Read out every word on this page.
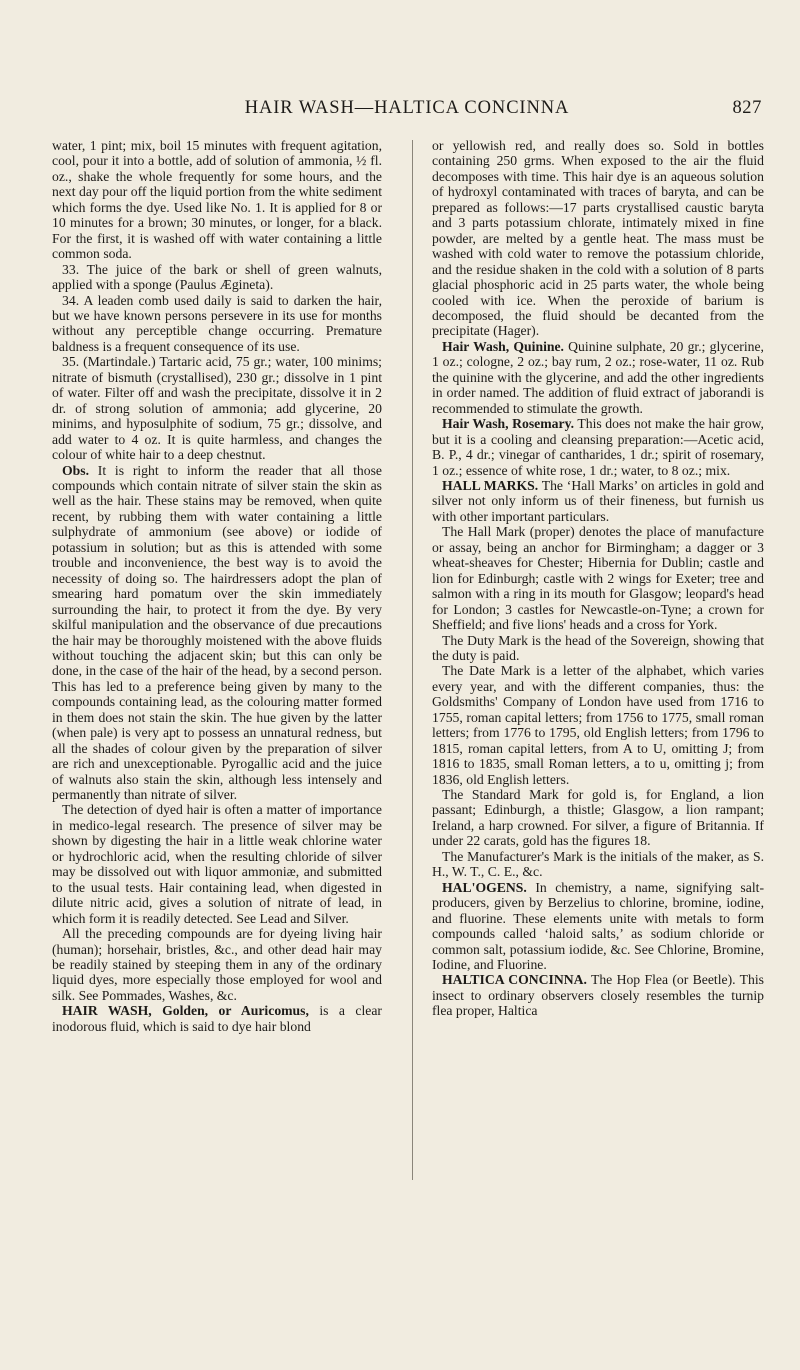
HAIR WASH—HALTICA CONCINNA	827

water, 1 pint; mix, boil 15 minutes with frequent agitation, cool, pour it into a bottle, add of solution of ammonia, ½ fl. oz., shake the whole frequently for some hours, and the next day pour off the liquid portion from the white sediment which forms the dye. Used like No. 1. It is applied for 8 or 10 minutes for a brown; 30 minutes, or longer, for a black. For the first, it is washed off with water containing a little common soda.

33. The juice of the bark or shell of green walnuts, applied with a sponge (Paulus Ægineta).

34. A leaden comb used daily is said to darken the hair, but we have known persons persevere in its use for months without any perceptible change occurring. Premature baldness is a frequent consequence of its use.

35. (Martindale.) Tartaric acid, 75 gr.; water, 100 minims; nitrate of bismuth (crystallised), 230 gr.; dissolve in 1 pint of water. Filter off and wash the precipitate, dissolve it in 2 dr. of strong solution of ammonia; add glycerine, 20 minims, and hyposulphite of sodium, 75 gr.; dissolve, and add water to 4 oz. It is quite harmless, and changes the colour of white hair to a deep chestnut.

Obs. It is right to inform the reader that all those compounds which contain nitrate of silver stain the skin as well as the hair. These stains may be removed, when quite recent, by rubbing them with water containing a little sulphydrate of ammonium (see above) or iodide of potassium in solution; but as this is attended with some trouble and inconvenience, the best way is to avoid the necessity of doing so. The hairdressers adopt the plan of smearing hard pomatum over the skin immediately surrounding the hair, to protect it from the dye. By very skilful manipulation and the observance of due precautions the hair may be thoroughly moistened with the above fluids without touching the adjacent skin; but this can only be done, in the case of the hair of the head, by a second person. This has led to a preference being given by many to the compounds containing lead, as the colouring matter formed in them does not stain the skin. The hue given by the latter (when pale) is very apt to possess an unnatural redness, but all the shades of colour given by the preparation of silver are rich and unexceptionable. Pyrogallic acid and the juice of walnuts also stain the skin, although less intensely and permanently than nitrate of silver.

The detection of dyed hair is often a matter of importance in medico-legal research. The presence of silver may be shown by digesting the hair in a little weak chlorine water or hydrochloric acid, when the resulting chloride of silver may be dissolved out with liquor ammoniæ, and submitted to the usual tests. Hair containing lead, when digested in dilute nitric acid, gives a solution of nitrate of lead, in which form it is readily detected. See Lead and Silver.

All the preceding compounds are for dyeing living hair (human); horsehair, bristles, &c., and other dead hair may be readily stained by steeping them in any of the ordinary liquid dyes, more especially those employed for wool and silk. See Pommades, Washes, &c.

HAIR WASH, Golden, or Auricomus, is a clear inodorous fluid, which is said to dye hair blond

or yellowish red, and really does so. Sold in bottles containing 250 grms. When exposed to the air the fluid decomposes with time. This hair dye is an aqueous solution of hydroxyl contaminated with traces of baryta, and can be prepared as follows:—17 parts crystallised caustic baryta and 3 parts potassium chlorate, intimately mixed in fine powder, are melted by a gentle heat. The mass must be washed with cold water to remove the potassium chloride, and the residue shaken in the cold with a solution of 8 parts glacial phosphoric acid in 25 parts water, the whole being cooled with ice. When the peroxide of barium is decomposed, the fluid should be decanted from the precipitate (Hager).

Hair Wash, Quinine. Quinine sulphate, 20 gr.; glycerine, 1 oz.; cologne, 2 oz.; bay rum, 2 oz.; rose-water, 11 oz. Rub the quinine with the glycerine, and add the other ingredients in order named. The addition of fluid extract of jaborandi is recommended to stimulate the growth.

Hair Wash, Rosemary. This does not make the hair grow, but it is a cooling and cleansing preparation:—Acetic acid, B. P., 4 dr.; vinegar of cantharides, 1 dr.; spirit of rosemary, 1 oz.; essence of white rose, 1 dr.; water, to 8 oz.; mix.

HALL MARKS. The ‘Hall Marks’ on articles in gold and silver not only inform us of their fineness, but furnish us with other important particulars.

The Hall Mark (proper) denotes the place of manufacture or assay, being an anchor for Birmingham; a dagger or 3 wheat-sheaves for Chester; Hibernia for Dublin; castle and lion for Edinburgh; castle with 2 wings for Exeter; tree and salmon with a ring in its mouth for Glasgow; leopard's head for London; 3 castles for Newcastle-on-Tyne; a crown for Sheffield; and five lions' heads and a cross for York.

The Duty Mark is the head of the Sovereign, showing that the duty is paid.

The Date Mark is a letter of the alphabet, which varies every year, and with the different companies, thus: the Goldsmiths' Company of London have used from 1716 to 1755, roman capital letters; from 1756 to 1775, small roman letters; from 1776 to 1795, old English letters; from 1796 to 1815, roman capital letters, from A to U, omitting J; from 1816 to 1835, small Roman letters, a to u, omitting j; from 1836, old English letters.

The Standard Mark for gold is, for England, a lion passant; Edinburgh, a thistle; Glasgow, a lion rampant; Ireland, a harp crowned. For silver, a figure of Britannia. If under 22 carats, gold has the figures 18.

The Manufacturer's Mark is the initials of the maker, as S. H., W. T., C. E., &c.

HAL'OGENS. In chemistry, a name, signifying salt-producers, given by Berzelius to chlorine, bromine, iodine, and fluorine. These elements unite with metals to form compounds called ‘haloid salts,’ as sodium chloride or common salt, potassium iodide, &c. See Chlorine, Bromine, Iodine, and Fluorine.

HALTICA CONCINNA. The Hop Flea (or Beetle). This insect to ordinary observers closely resembles the turnip flea proper, Haltica
